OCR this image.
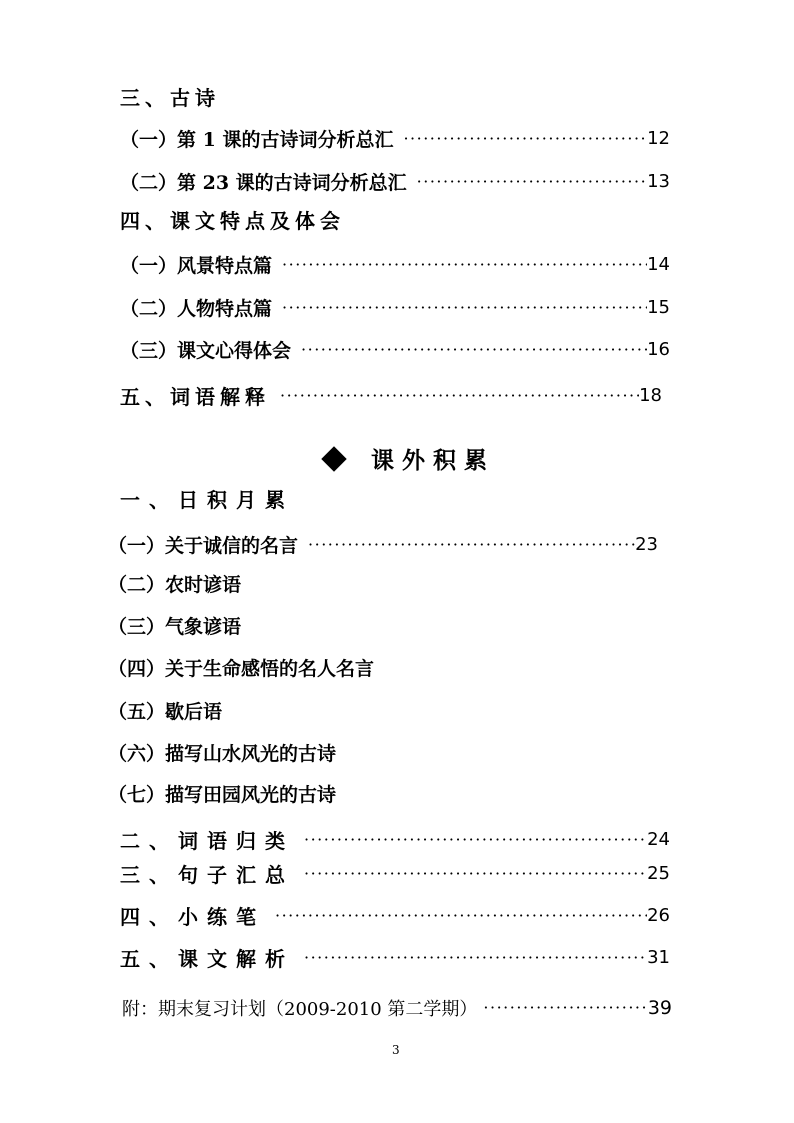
三、古诗
（一）第 1 课的古诗词分析总汇 ·····	12
（二）第 23 课的古诗词分析总汇 ·····	13
四、课文特点及体会
（一）风景特点篇 ·····	14
（二）人物特点篇 ·····	15
（三）课文心得体会 ·····	16
五、词语解释 ·····	18
课外积累
一、日积月累
（一）关于诚信的名言 ·····	23
（二）农时谚语
（三）气象谚语
（四）关于生命感悟的名人名言
（五）歇后语
（六）描写山水风光的古诗
（七）描写田园风光的古诗
二、词语归类 ·····	24
三、句子汇总 ·····	25
四、小练笔 ·····	26
五、课文解析 ·····	31
附：期末复习计划（2009-2010 第二学期） ·····	39
3
